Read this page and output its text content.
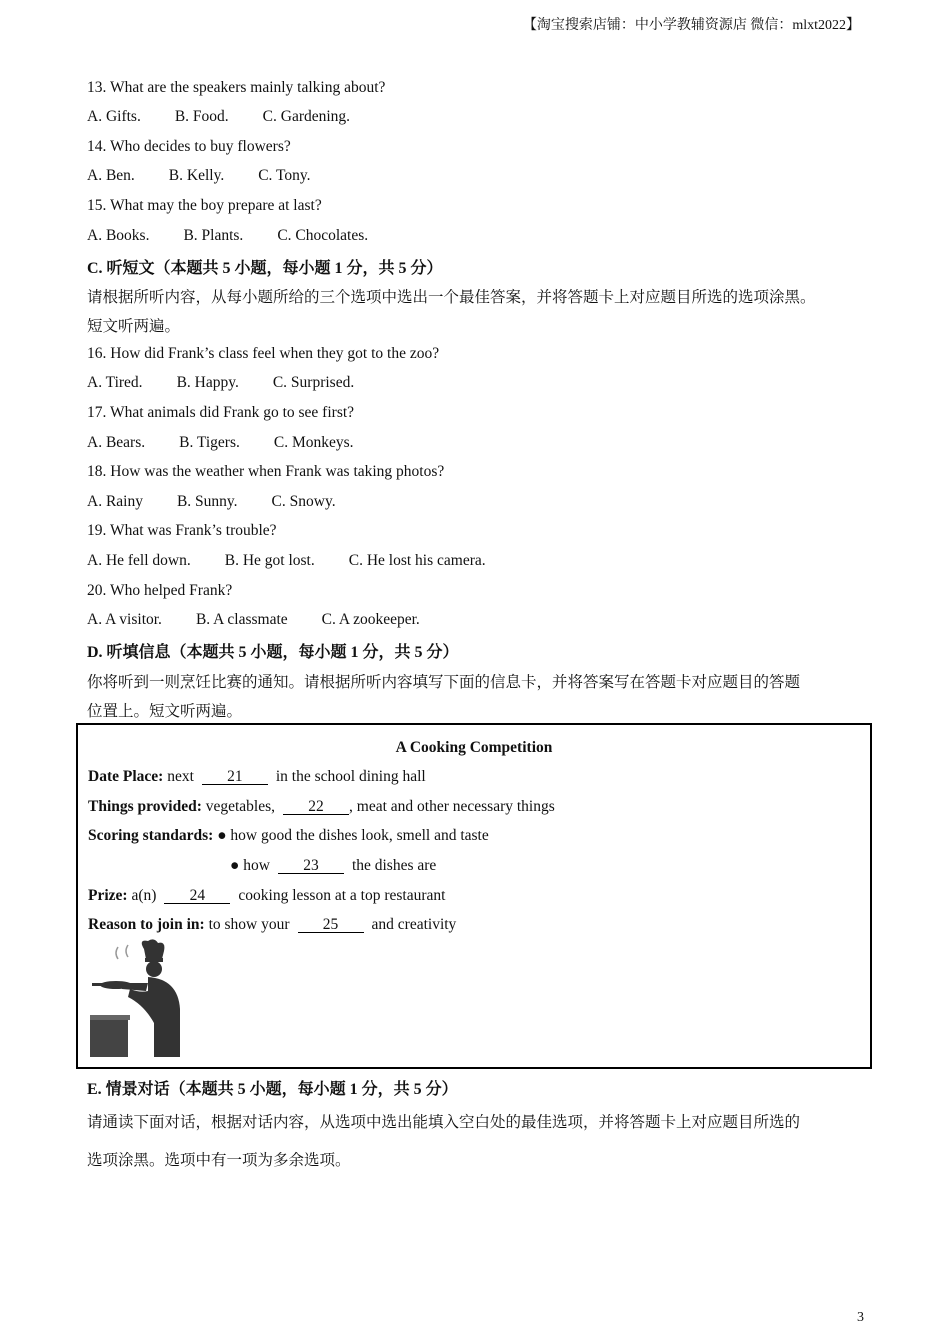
【淘宝搜索店铺：中小学教辅资源店 微信：mlxt2022】
13. What are the speakers mainly talking about?
A. Gifts. B. Food. C. Gardening.
14. Who decides to buy flowers?
A. Ben. B. Kelly. C. Tony.
15. What may the boy prepare at last?
A. Books. B. Plants. C. Chocolates.
C. 听短文（本题共 5 小题，每小题 1 分，共 5 分）
请根据所听内容，从每小题所给的三个选项中选出一个最佳答案，并将答题卡上对应题目所选的选项涂黑。
短文听两遍。
16. How did Frank’s class feel when they got to the zoo?
A. Tired. B. Happy. C. Surprised.
17. What animals did Frank go to see first?
A. Bears. B. Tigers. C. Monkeys.
18. How was the weather when Frank was taking photos?
A. Rainy B. Sunny. C. Snowy.
19. What was Frank’s trouble?
A. He fell down. B. He got lost. C. He lost his camera.
20. Who helped Frank?
A. A visitor. B. A classmate C. A zookeeper.
D. 听填信息（本题共 5 小题，每小题 1 分，共 5 分）
你将听到一则烹饪比赛的通知。请根据所听内容填写下面的信息卡，并将答案写在答题卡对应题目的答题
位置上。短文听两遍。
A Cooking Competition
Date Place: next 21 in the school dining hall
Things provided: vegetables, 22 , meat and other necessary things
Scoring standards: ● how good the dishes look, smell and taste
● how 23 the dishes are
Prize: a(n) 24 cooking lesson at a top restaurant
Reason to join in: to show your 25 and creativity
E. 情景对话（本题共 5 小题，每小题 1 分，共 5 分）
请通读下面对话，根据对话内容，从选项中选出能填入空白处的最佳选项，并将答题卡上对应题目所选的
选项涂黑。选项中有一项为多余选项。
3
